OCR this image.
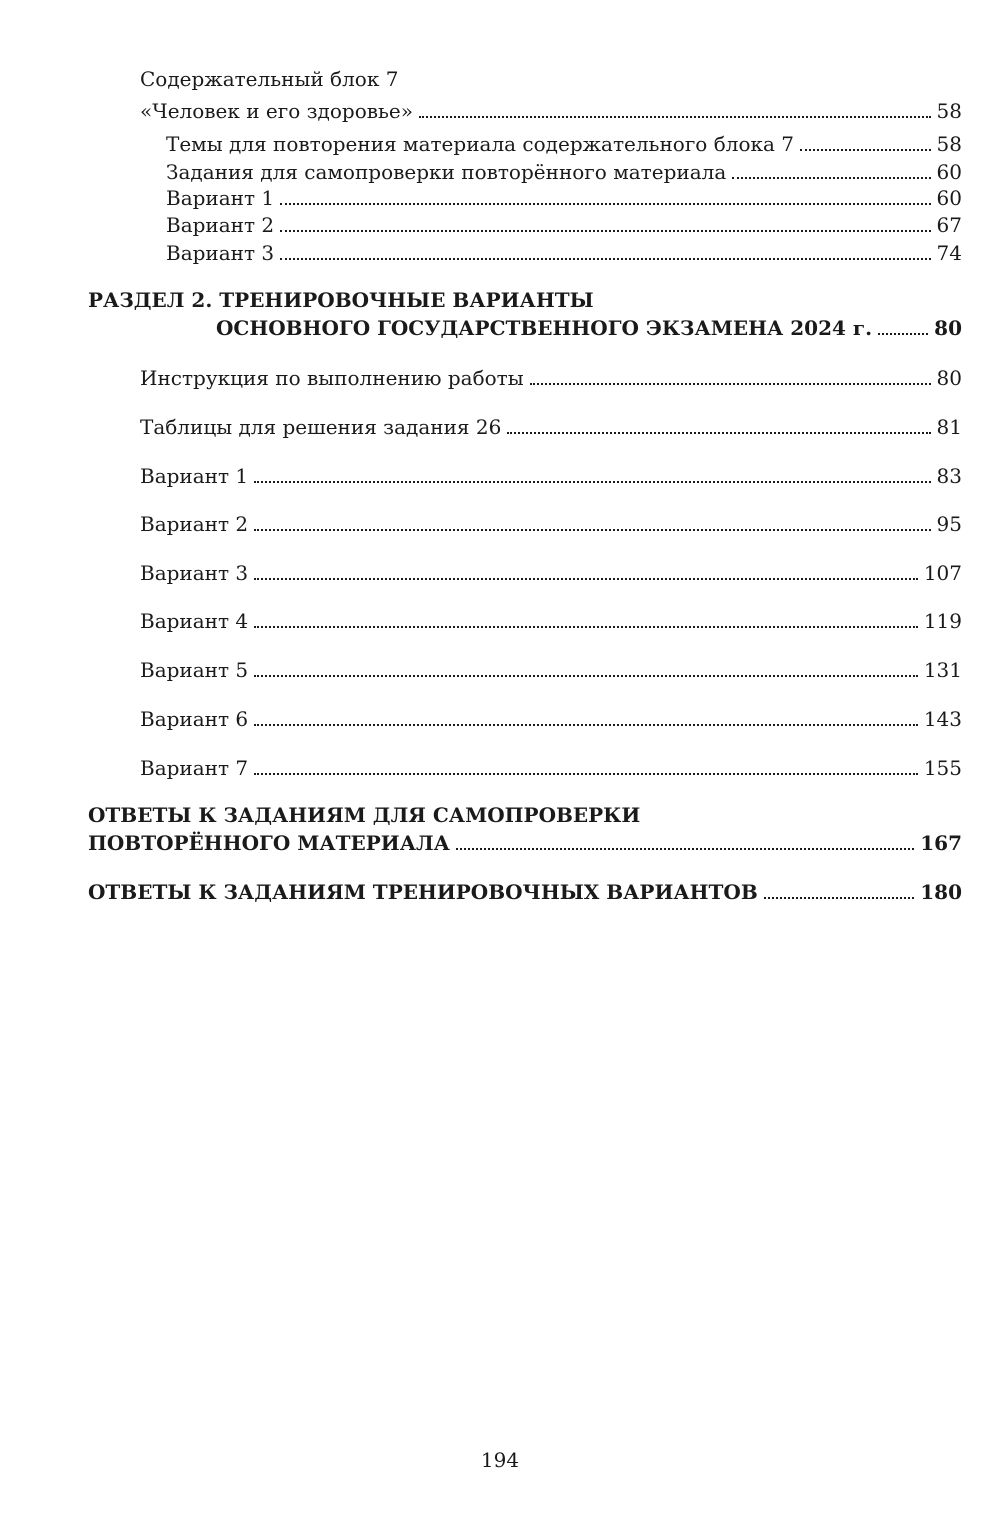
Содержательный блок 7
«Человек и его здоровье»	58
Темы для повторения материала содержательного блока 7	58
Задания для самопроверки повторённого материала	60
Вариант 1	60
Вариант 2	67
Вариант 3	74
РАЗДЕЛ 2. ТРЕНИРОВОЧНЫЕ ВАРИАНТЫ
ОСНОВНОГО ГОСУДАРСТВЕННОГО ЭКЗАМЕНА 2024 г.	80
Инструкция по выполнению работы	80
Таблицы для решения задания 26	81
Вариант 1	83
Вариант 2	95
Вариант 3	107
Вариант 4	119
Вариант 5	131
Вариант 6	143
Вариант 7	155
ОТВЕТЫ К ЗАДАНИЯМ ДЛЯ САМОПРОВЕРКИ
ПОВТОРЁННОГО МАТЕРИАЛА	167
ОТВЕТЫ К ЗАДАНИЯМ ТРЕНИРОВОЧНЫХ ВАРИАНТОВ	180
194
